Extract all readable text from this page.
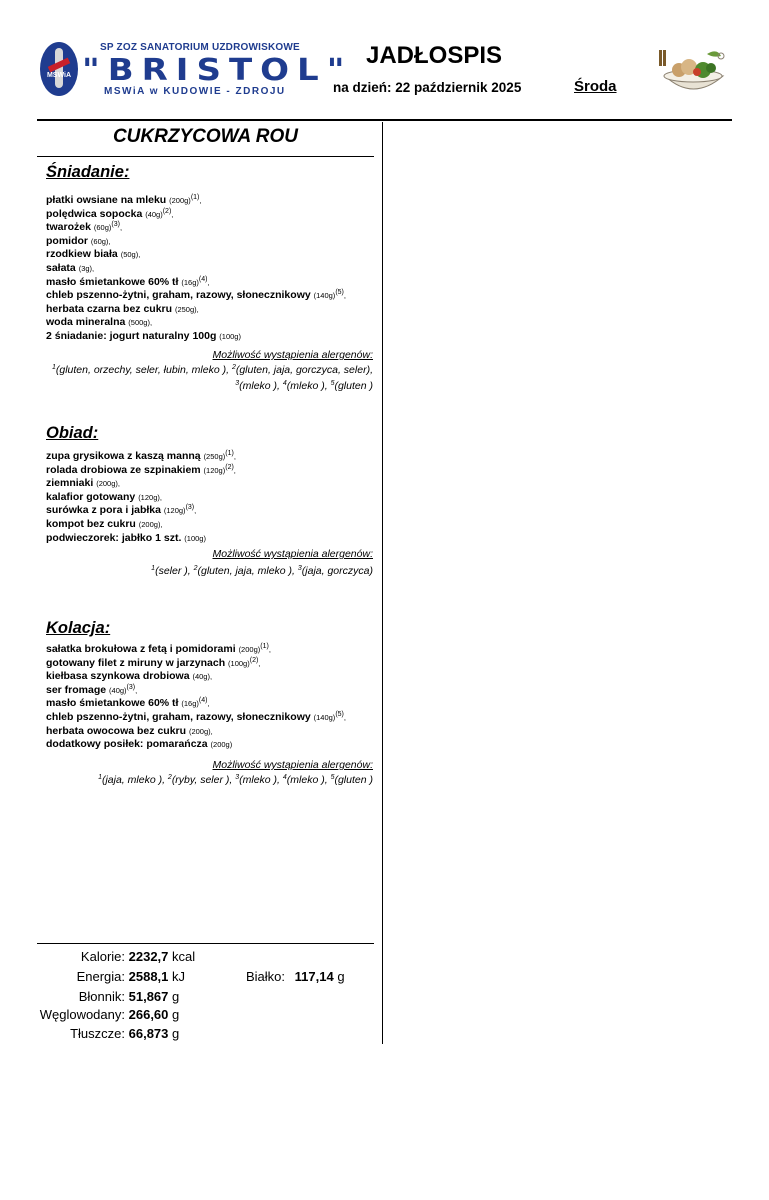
MSWiA
SP ZOZ SANATORIUM UZDROWISKOWE
"BRISTOL"
MSWiA w KUDOWIE - ZDROJU
JADŁOSPIS
na dzień: 22 październik 2025	Środa
CUKRZYCOWA ROU
Śniadanie:
płatki owsiane na mleku $(200g)^{(1)}$,
polędwica sopocka $(40g)^{(2)}$,
twarożek $(60g)^{(3)}$,
pomidor (60g),
rzodkiew biała (50g),
sałata (3g),
masło śmietankowe 60% tł $(16g)^{(4)}$,
chleb pszenno-żytni, graham, razowy, słonecznikowy $(140g)^{(5)}$,
herbata czarna bez cukru (250g),
woda mineralna (500g),
2 śniadanie: jogurt naturalny 100g (100g)
Możliwość wystąpienia alergenów:
$^1$(gluten, orzechy, seler, łubin, mleko ), $^2$(gluten, jaja, gorczyca, seler),
$^3$(mleko ), $^4$(mleko ), $^5$(gluten )
Obiad:
zupa grysikowa z kaszą manną $(250g)^{(1)}$,
rolada drobiowa ze szpinakiem $(120g)^{(2)}$,
ziemniaki (200g),
kalafior gotowany (120g),
surówka z pora i jabłka $(120g)^{(3)}$,
kompot bez cukru (200g),
podwieczorek: jabłko 1 szt. (100g)
Możliwość wystąpienia alergenów:
$^1$(seler ), $^2$(gluten, jaja, mleko ), $^3$(jaja, gorczyca)
Kolacja:
sałatka brokułowa z fetą i pomidorami $(200g)^{(1)}$,
gotowany filet z miruny w jarzynach $(100g)^{(2)}$,
kiełbasa szynkowa drobiowa (40g),
ser fromage $(40g)^{(3)}$,
masło śmietankowe 60% tł $(16g)^{(4)}$,
chleb pszenno-żytni, graham, razowy, słonecznikowy $(140g)^{(5)}$,
herbata owocowa bez cukru (200g),
dodatkowy posiłek: pomarańcza (200g)
Możliwość wystąpienia alergenów:
$^1$(jaja, mleko ), $^2$(ryby, seler ), $^3$(mleko ), $^4$(mleko ), $^5$(gluten )
Kalorie: 2232,7 kcal
Energia: 2588,1 kJ
Błonnik: 51,867 g
Węglowodany: 266,60 g
Tłuszcze: 66,873 g
Białko: 117,14 g
